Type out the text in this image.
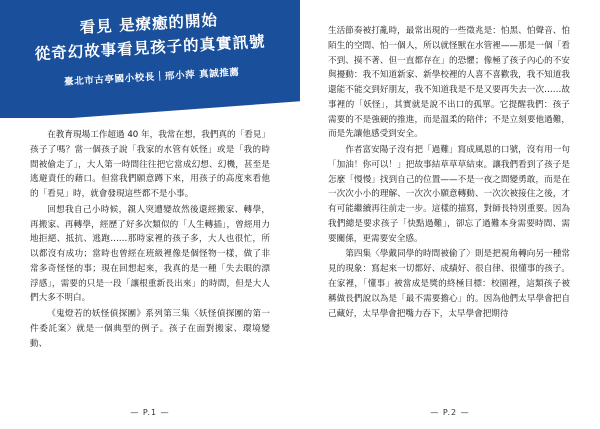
看見 是療癒的開始
從奇幻故事看見孩子的真實訊號
臺北市古亭國小校長｜邢小萍 真誠推薦

在教育現場工作超過 40 年，我常在想，我們真的「看見」孩子了嗎？當一個孩子說「我家的水管有妖怪」或是「我的時間被偷走了」，大人第一時間往往把它當成幻想、幻機，甚至是逃避責任的藉口。但當我們願意蹲下來，用孩子的高度來看他的「看見」時，就會發現這些都不是小事。

回想我自己小時候，親人突遭變故然後還經搬家、轉學，再搬家、再轉學，經歷了好多次類似的「人生轉插」，曾經用力地拒絕、抵抗、逃跑……那時家裡的孩子多，大人也很忙，所以都沒有成功；當時也曾經在班級裡像是個怪物一樣，做了非常多奇怪怪的事；現在回想起來，我真的是一種「失去眼的漂浮感」，需要的只是一段「讓根重新長出來」的時間，但是大人們大多不明白。

《鬼燈若的妖怪偵探團》系列第三集〈妖怪偵探團的第一件委託案〉就是一個典型的例子。孩子在面對搬家、環境變動、

— P.1 —

生活節奏被打亂時，最常出現的一些徵兆是：怕黑、怕聲音、怕陌生的空間、怕一個人，所以就怪獸在水管裡——那是一個「看不到、摸不著、但一直都存在」的恐懼；像極了孩子內心的不安與擾動：我不知道新家、新學校裡的人喜不喜歡我，我不知道我還能不能交到好朋友，我不知道我是不是又要再失去一次……故事裡的「妖怪」，其實就是說不出口的孤單。它提醒我們：孩子需要的不是強硬的推進，而是溫柔的陪伴；不是立刻要他過難，而是先讓他感受到安全。

作者富安陽子沒有把「過難」寫成風恩的口號，沒有用一句「加油！你可以！」把故事結草草草結束。讓我們看到了孩子是怎麼「慢慢」找到自己的位置——不是一夜之間變勇敢，而是在一次次小小的理解、一次次小願意轉動、一次次被接住之後，才有可能繼續再往前走一步。這樣的描寫，對師長特別重要。因為我們總是要求孩子「快點過難」，卻忘了過難本身需要時間、需要關係，更需要安全感。

第四集〈學戴同學的時間被偷了〉則是把視角轉向另一種常見的現象：寫起來一切都好、成績好、很自律、很懂事的孩子。在家裡，「懂事」被當成是獎的終極目標：校園裡，這類孩子被稱做長們說以為是「最不需要擔心」的。因為他們太早學會把自己藏好，太早學會把嘴力吞下，太早學會把期待

— P.2 —
